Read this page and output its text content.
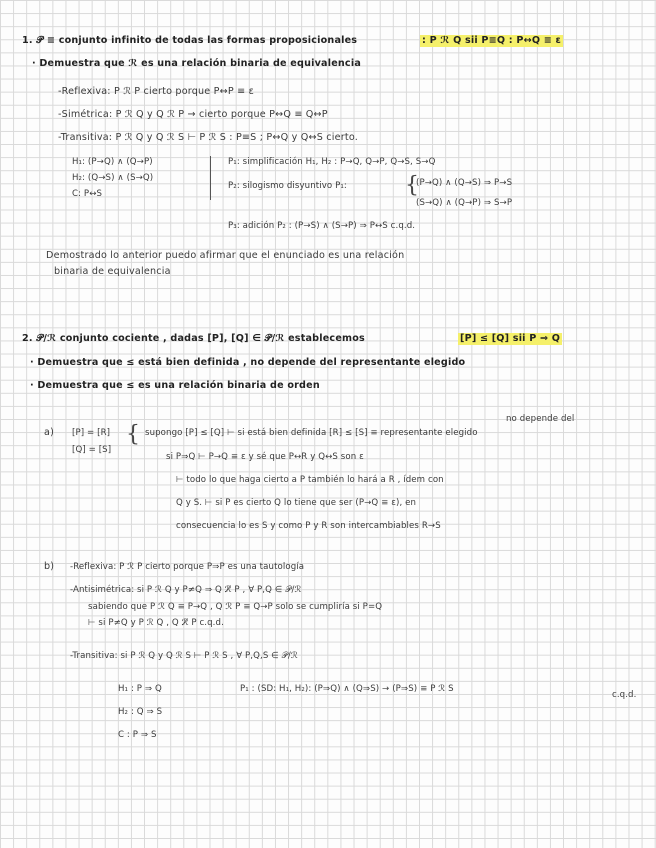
1. 𝒫 ≡ conjunto infinito de todas las formas proposicionales	: P ℛ Q sii P≡Q : P↔Q ≡ ε
· Demuestra que ℛ es una relación binaria de equivalencia
-Reflexiva: P ℛ P cierto porque P↔P ≡ ε
-Simétrica: P ℛ Q y Q ℛ P → cierto porque P↔Q ≡ Q↔P
-Transitiva: P ℛ Q y Q ℛ S ⊢ P ℛ S : P≡S ; P↔Q y Q↔S cierto.
H₁: (P→Q) ∧ (Q→P)
H₂: (Q→S) ∧ (S→Q)
C: P↔S
P₁: simplificación H₁, H₂ : P→Q, Q→P, Q→S, S→Q
P₂: silogismo disyuntivo P₁:	{
(P→Q) ∧ (Q→S) ⇒ P→S
(S→Q) ∧ (Q→P) ⇒ S→P
P₃: adición P₂ : (P→S) ∧ (S→P) ⇒ P↔S c.q.d.
Demostrado lo anterior puedo afirmar que el enunciado es una relación
binaria de equivalencia
2. 𝒫/ℛ conjunto cociente , dadas [P], [Q] ∈ 𝒫/ℛ establecemos	[P] ≤ [Q] sii P ⇒ Q
· Demuestra que ≤ está bien definida , no depende del representante elegido
· Demuestra que ≤ es una relación binaria de orden
a) [P] = [R]
[Q] = [S]
{
no depende del
supongo [P] ≤ [Q] ⊢ si está bien definida [R] ≤ [S] ≡ representante elegido
si P⇒Q ⊢ P→Q ≡ ε y sé que P↔R y Q↔S son ε
⊢ todo lo que haga cierto a P también lo hará a R , ídem con
Q y S. ⊢ si P es cierto Q lo tiene que ser (P→Q ≡ ε), en
consecuencia lo es S y como P y R son intercambiables R→S
b) -Reflexiva: P ℛ P cierto porque P⇒P es una tautología
-Antisimétrica: si P ℛ Q y P≠Q ⇒ Q ℛ̸ P , ∀ P,Q ∈ 𝒫/ℛ
sabiendo que P ℛ Q ≡ P→Q , Q ℛ P ≡ Q→P solo se cumpliría si P=Q
⊢ si P≠Q y P ℛ Q , Q ℛ̸ P c.q.d.
-Transitiva: si P ℛ Q y Q ℛ S ⊢ P ℛ S , ∀ P,Q,S ∈ 𝒫/ℛ
H₁ : P ⇒ Q
H₂ : Q ⇒ S
C : P ⇒ S
P₁ : (SD: H₁, H₂): (P⇒Q) ∧ (Q⇒S) → (P⇒S) ≡ P ℛ S
c.q.d.
